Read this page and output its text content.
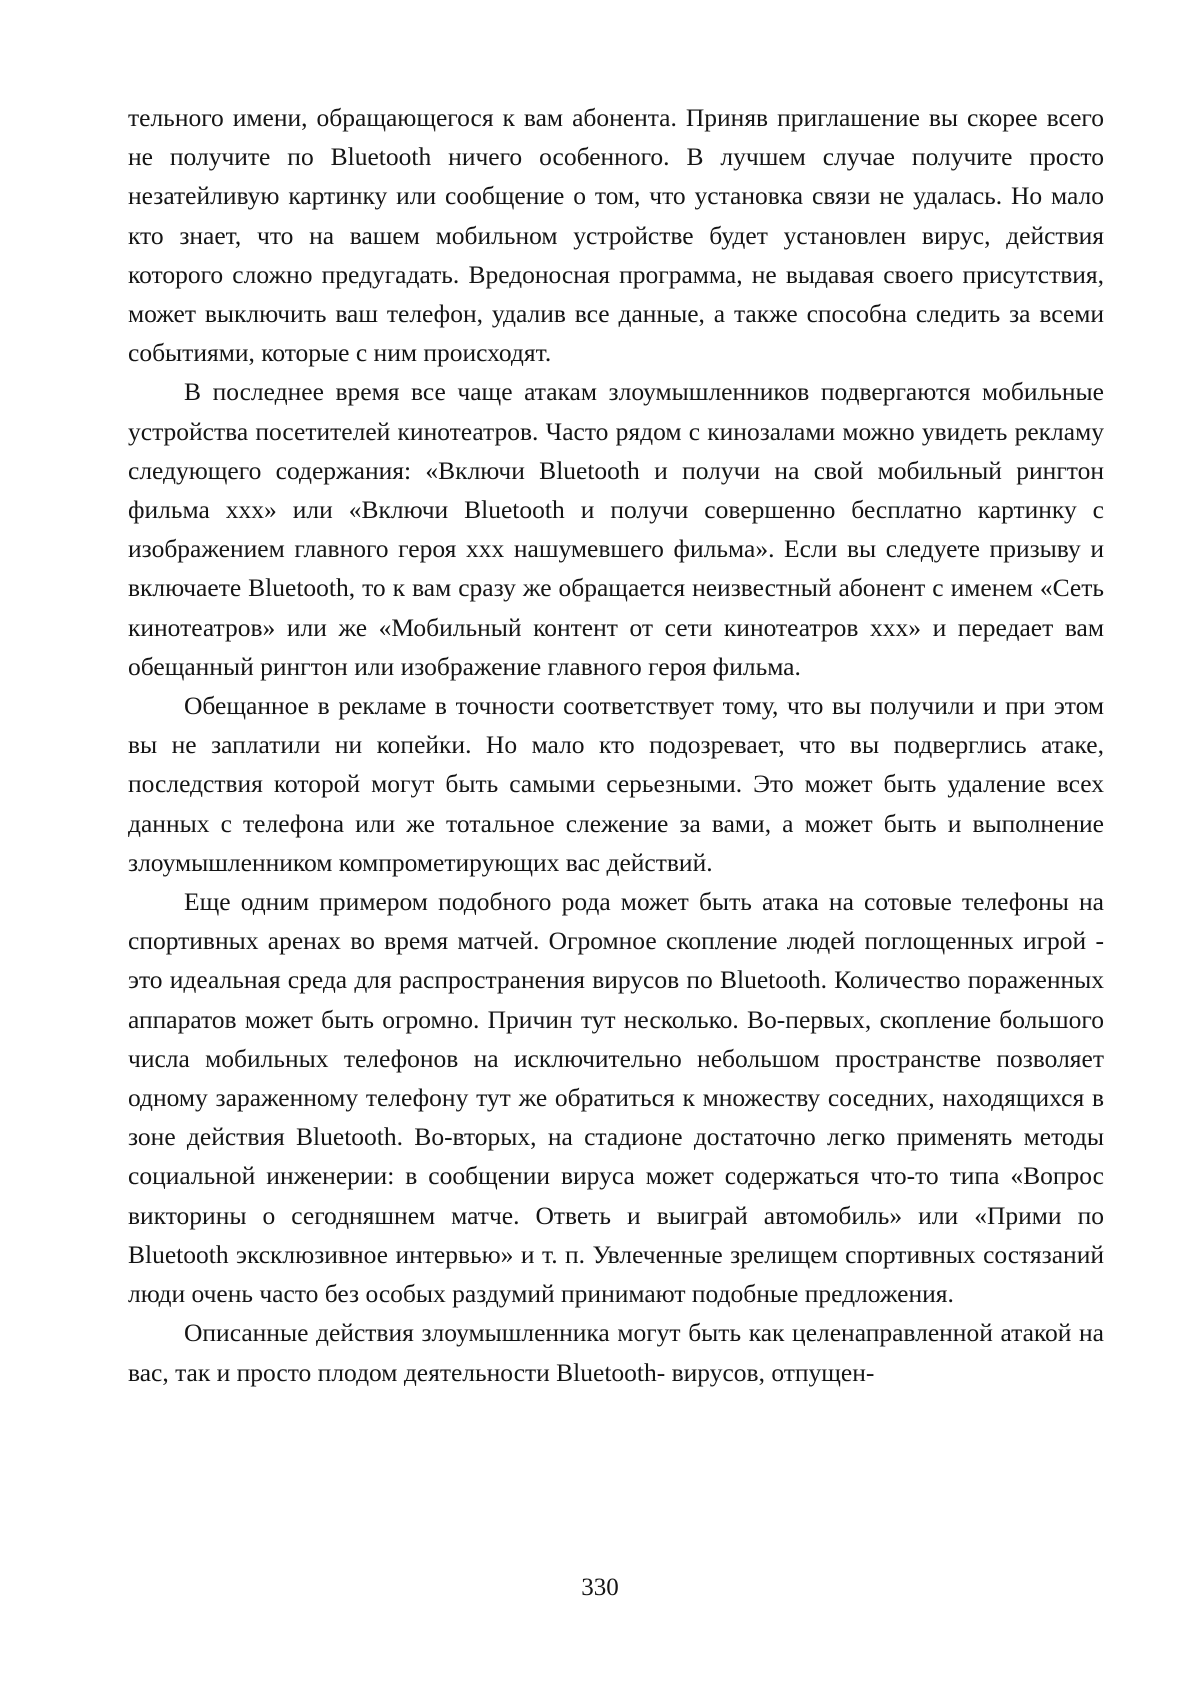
тельного имени, обращающегося к вам абонента. Приняв приглашение вы скорее всего не получите по Bluetooth ничего особенного. В лучшем случае получите просто незатейливую картинку или сообщение о том, что установка связи не удалась. Но мало кто знает, что на вашем мобильном устройстве будет установлен вирус, действия которого сложно предугадать. Вредоносная программа, не выдавая своего присутствия, может выключить ваш телефон, удалив все данные, а также способна следить за всеми событиями, которые с ним происходят.

В последнее время все чаще атакам злоумышленников подвергаются мобильные устройства посетителей кинотеатров. Часто рядом с кинозалами можно увидеть рекламу следующего содержания: «Включи Bluetooth и получи на свой мобильный рингтон фильма ххх» или «Включи Bluetooth и получи совершенно бесплатно картинку с изображением главного героя ххх нашумевшего фильма». Если вы следуете призыву и включаете Bluetooth, то к вам сразу же обращается неизвестный абонент с именем «Сеть кинотеатров» или же «Мобильный контент от сети кинотеатров ххх» и передает вам обещанный рингтон или изображение главного героя фильма.

Обещанное в рекламе в точности соответствует тому, что вы получили и при этом вы не заплатили ни копейки. Но мало кто подозревает, что вы подверглись атаке, последствия которой могут быть самыми серьезными. Это может быть удаление всех данных с телефона или же тотальное слежение за вами, а может быть и выполнение злоумышленником компрометирующих вас действий.

Еще одним примером подобного рода может быть атака на сотовые телефоны на спортивных аренах во время матчей. Огромное скопление людей поглощенных игрой - это идеальная среда для распространения вирусов по Bluetooth. Количество пораженных аппаратов может быть огромно. Причин тут несколько. Во-первых, скопление большого числа мобильных телефонов на исключительно небольшом пространстве позволяет одному зараженному телефону тут же обратиться к множеству соседних, находящихся в зоне действия Bluetooth. Во-вторых, на стадионе достаточно легко применять методы социальной инженерии: в сообщении вируса может содержаться что-то типа «Вопрос викторины о сегодняшнем матче. Ответь и выиграй автомобиль» или «Прими по Bluetooth эксклюзивное интервью» и т. п. Увлеченные зрелищем спортивных состязаний люди очень часто без особых раздумий принимают подобные предложения.

Описанные действия злоумышленника могут быть как целенаправленной атакой на вас, так и просто плодом деятельности Bluetooth- вирусов, отпущен-

330
